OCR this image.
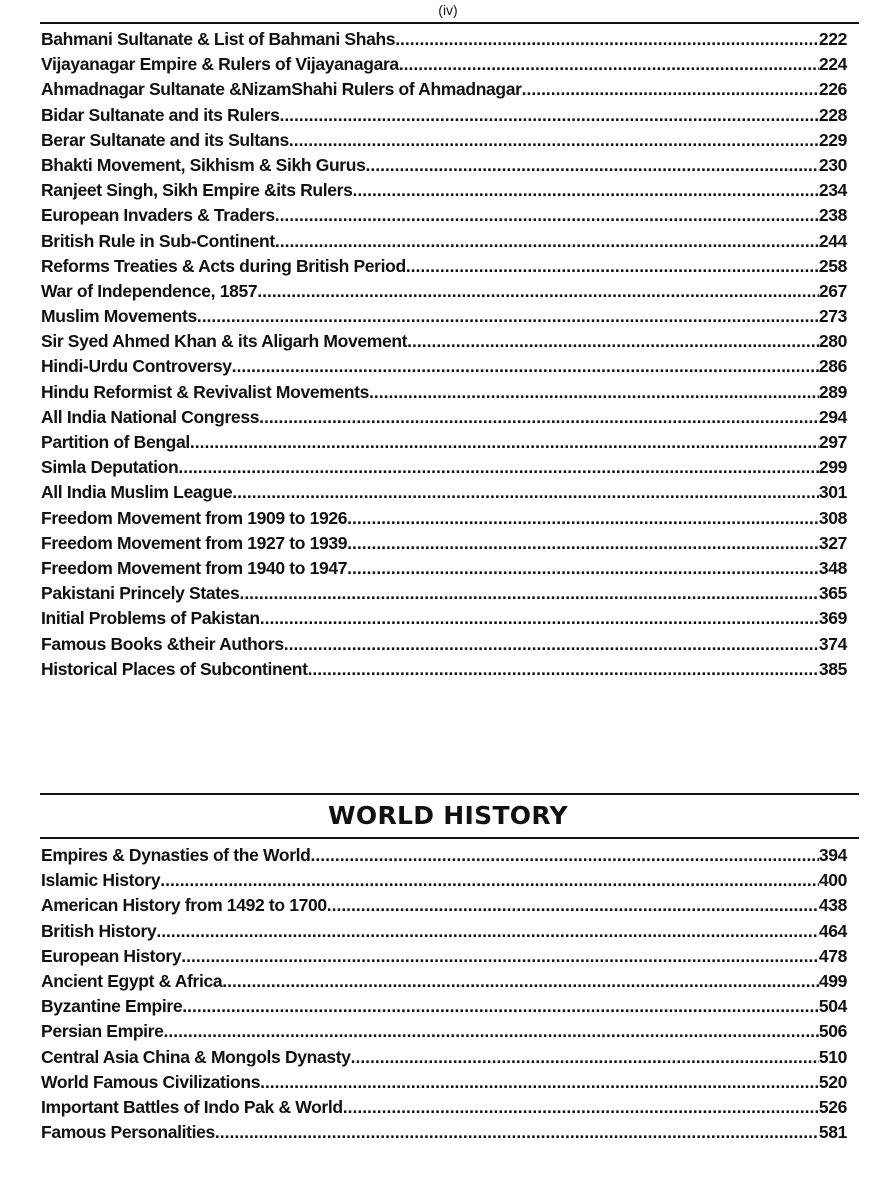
(iv)
Bahmani Sultanate & List of Bahmani Shahs .....	222
Vijayanagar Empire & Rulers of Vijayanagara .....	224
Ahmadnagar Sultanate &NizamShahi Rulers of Ahmadnagar .....	226
Bidar Sultanate and its Rulers .....	228
Berar Sultanate and its Sultans .....	229
Bhakti Movement, Sikhism & Sikh Gurus .....	230
Ranjeet Singh, Sikh Empire &its Rulers .....	234
European Invaders & Traders .....	238
British Rule in Sub-Continent .....	244
Reforms Treaties & Acts during British Period .....	258
War of Independence, 1857 .....	267
Muslim Movements .....	273
Sir Syed Ahmed Khan & its Aligarh Movement .....	280
Hindi-Urdu Controversy .....	286
Hindu Reformist & Revivalist Movements .....	289
All India National Congress .....	294
Partition of Bengal .....	297
Simla Deputation .....	299
All India Muslim League .....	301
Freedom Movement from 1909 to 1926 .....	308
Freedom Movement from 1927 to 1939 .....	327
Freedom Movement from 1940 to 1947 .....	348
Pakistani Princely States .....	365
Initial Problems of Pakistan .....	369
Famous Books &their Authors .....	374
Historical Places of Subcontinent .....	385
WORLD HISTORY
Empires & Dynasties of the World .....	394
Islamic History .....	400
American History from 1492 to 1700 .....	438
British History .....	464
European History .....	478
Ancient Egypt & Africa .....	499
Byzantine Empire .....	504
Persian Empire .....	506
Central Asia China & Mongols Dynasty .....	510
World Famous Civilizations .....	520
Important Battles of Indo Pak & World .....	526
Famous Personalities .....	581
